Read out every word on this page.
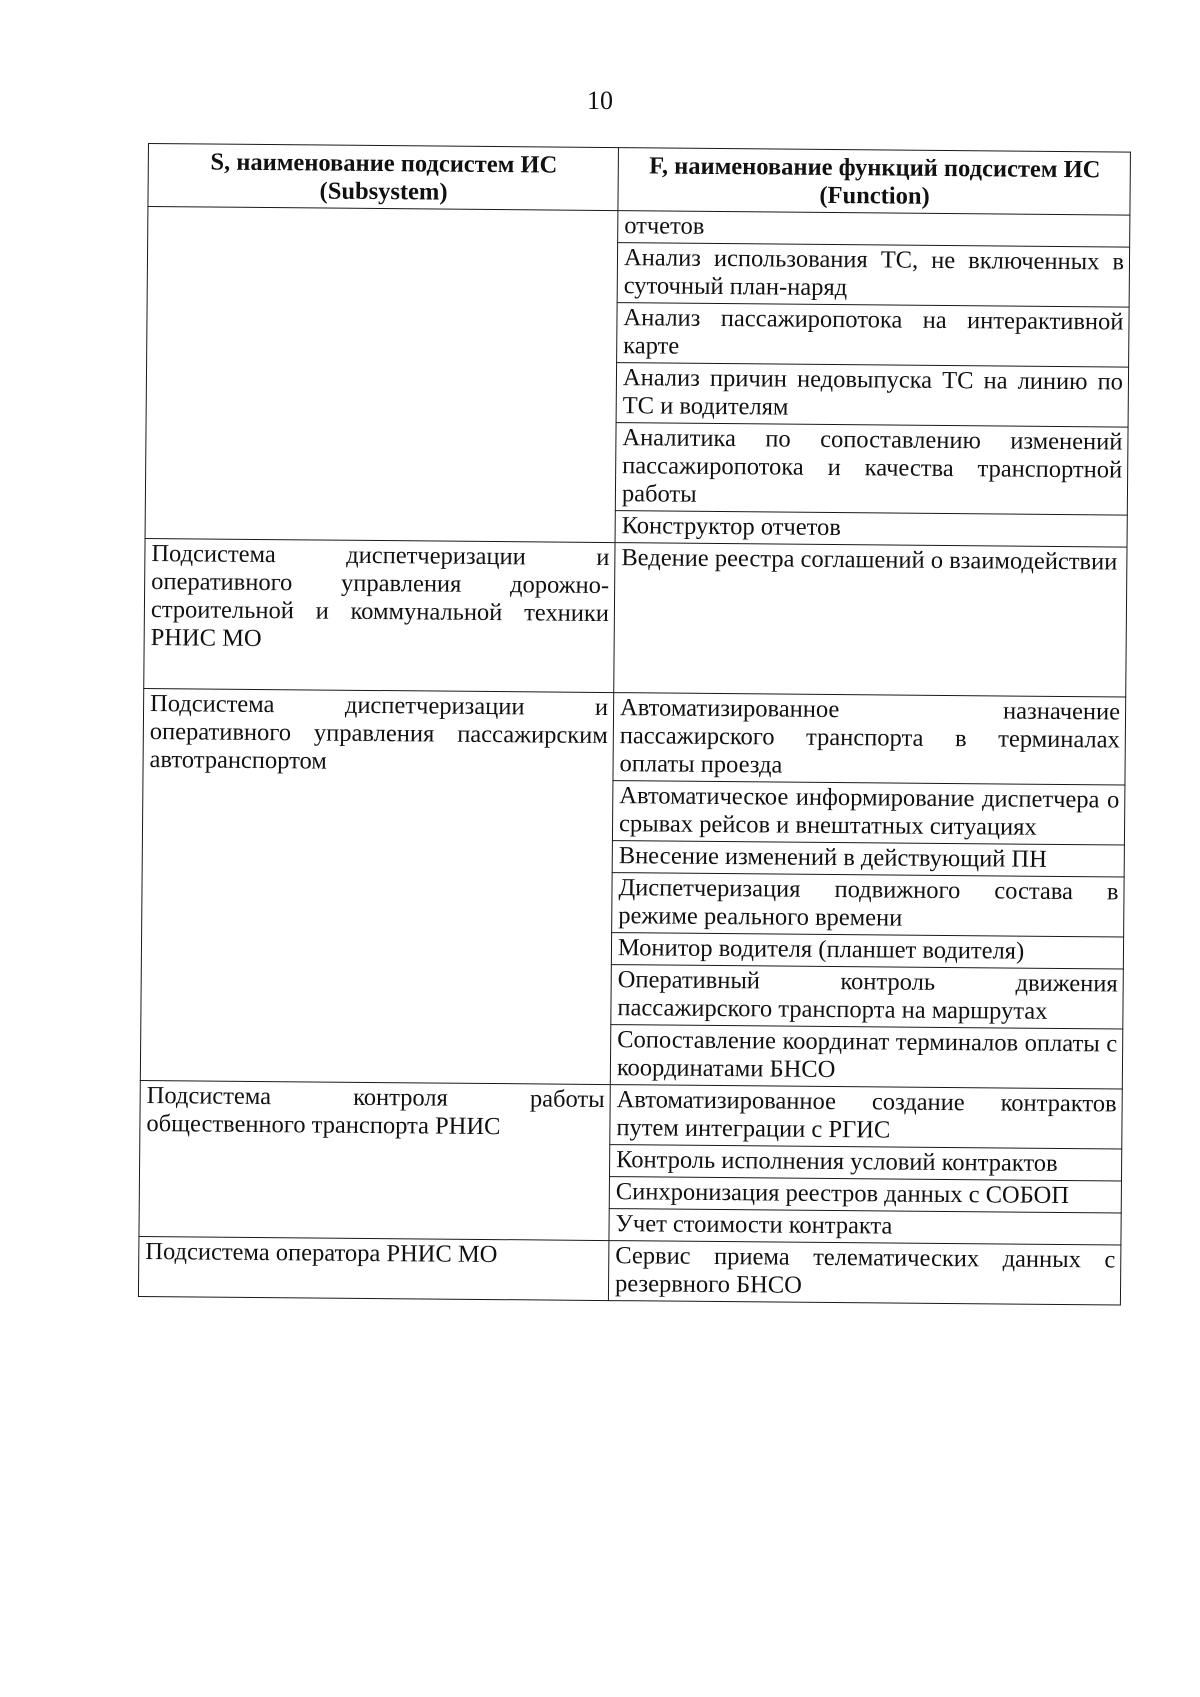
10
S, наименование подсистем ИС (Subsystem)	F, наименование функций подсистем ИС (Function)
	отчетов
	Анализ использования ТС, не включенных в суточный план-наряд
	Анализ пассажиропотока на интерактивной карте
	Анализ причин недовыпуска ТС на линию по ТС и водителям
	Аналитика по сопоставлению изменений пассажиропотока и качества транспортной работы
	Конструктор отчетов
Подсистема диспетчеризации и оперативного управления дорожно-строительной и коммунальной техники РНИС МО	Ведение реестра соглашений о взаимодействии
Подсистема диспетчеризации и оперативного управления пассажирским автотранспортом	Автоматизированное назначение пассажирского транспорта в терминалах оплаты проезда
	Автоматическое информирование диспетчера о срывах рейсов и внештатных ситуациях
	Внесение изменений в действующий ПН
	Диспетчеризация подвижного состава в режиме реального времени
	Монитор водителя (планшет водителя)
	Оперативный контроль движения пассажирского транспорта на маршрутах
	Сопоставление координат терминалов оплаты с координатами БНСО
Подсистема контроля работы общественного транспорта РНИС	Автоматизированное создание контрактов путем интеграции с РГИС
	Контроль исполнения условий контрактов
	Синхронизация реестров данных с СОБОП
	Учет стоимости контракта
Подсистема оператора РНИС МО	Сервис приема телематических данных с резервного БНСО
